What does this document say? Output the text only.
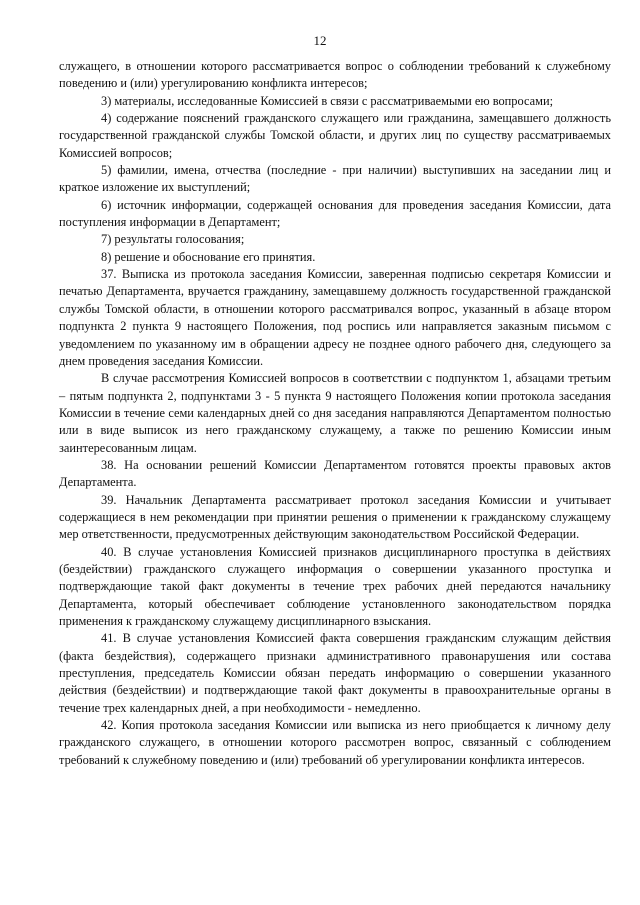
12

служащего, в отношении которого рассматривается вопрос о соблюдении требований к служебному поведению и (или) урегулированию конфликта интересов;

3) материалы, исследованные Комиссией в связи с рассматриваемыми ею вопросами;

4) содержание пояснений гражданского служащего или гражданина, замещавшего должность государственной гражданской службы Томской области, и других лиц по существу рассматриваемых Комиссией вопросов;

5) фамилии, имена, отчества (последние - при наличии) выступивших на заседании лиц и краткое изложение их выступлений;

6) источник информации, содержащей основания для проведения заседания Комиссии, дата поступления информации в Департамент;

7) результаты голосования;

8) решение и обоснование его принятия.

37. Выписка из протокола заседания Комиссии, заверенная подписью секретаря Комиссии и печатью Департамента, вручается гражданину, замещавшему должность государственной гражданской службы Томской области, в отношении которого рассматривался вопрос, указанный в абзаце втором подпункта 2 пункта 9 настоящего Положения, под роспись или направляется заказным письмом с уведомлением по указанному им в обращении адресу не позднее одного рабочего дня, следующего за днем проведения заседания Комиссии.

В случае рассмотрения Комиссией вопросов в соответствии с подпунктом 1, абзацами третьим – пятым подпункта 2, подпунктами 3 - 5 пункта 9 настоящего Положения копии протокола заседания Комиссии в течение семи календарных дней со дня заседания направляются Департаментом полностью или в виде выписок из него гражданскому служащему, а также по решению Комиссии иным заинтересованным лицам.

38. На основании решений Комиссии Департаментом готовятся проекты правовых актов Департамента.

39. Начальник Департамента рассматривает протокол заседания Комиссии и учитывает содержащиеся в нем рекомендации при принятии решения о применении к гражданскому служащему мер ответственности, предусмотренных действующим законодательством Российской Федерации.

40. В случае установления Комиссией признаков дисциплинарного проступка в действиях (бездействии) гражданского служащего информация о совершении указанного проступка и подтверждающие такой факт документы в течение трех рабочих дней передаются начальнику Департамента, который обеспечивает соблюдение установленного законодательством порядка применения к гражданскому служащему дисциплинарного взыскания.

41. В случае установления Комиссией факта совершения гражданским служащим действия (факта бездействия), содержащего признаки административного правонарушения или состава преступления, председатель Комиссии обязан передать информацию о совершении указанного действия (бездействии) и подтверждающие такой факт документы в правоохранительные органы в течение трех календарных дней, а при необходимости - немедленно.

42. Копия протокола заседания Комиссии или выписка из него приобщается к личному делу гражданского служащего, в отношении которого рассмотрен вопрос, связанный с соблюдением требований к служебному поведению и (или) требований об урегулировании конфликта интересов.
